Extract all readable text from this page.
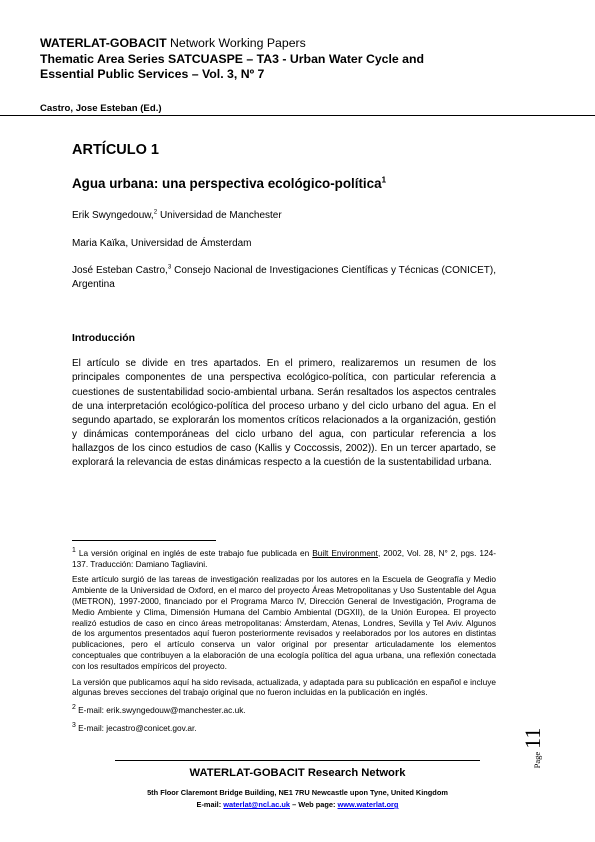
WATERLAT-GOBACIT Network Working Papers
Thematic Area Series SATCUASPE – TA3 - Urban Water Cycle and
Essential Public Services – Vol. 3, Nº 7
Castro, Jose Esteban (Ed.)
ARTÍCULO 1
Agua urbana: una perspectiva ecológico-política$^1$

Erik Swyngedouw,$^2$ Universidad de Manchester

Maria Kaïka, Universidad de Ámsterdam

José Esteban Castro,$^3$ Consejo Nacional de Investigaciones Científicas y Técnicas (CONICET), Argentina

Introducción

El artículo se divide en tres apartados. En el primero, realizaremos un resumen de los principales componentes de una perspectiva ecológico-política, con particular referencia a cuestiones de sustentabilidad socio-ambiental urbana. Serán resaltados los aspectos centrales de una interpretación ecológico-política del proceso urbano y del ciclo urbano del agua. En el segundo apartado, se explorarán los momentos críticos relacionados a la organización, gestión y dinámicas contemporáneas del ciclo urbano del agua, con particular referencia a los hallazgos de los cinco estudios de caso (Kallis y Coccossis, 2002)). En un tercer apartado, se explorará la relevancia de estas dinámicas respecto a la cuestión de la sustentabilidad urbana.

$^1$ La versión original en inglés de este trabajo fue publicada en Built Environment, 2002, Vol. 28, N° 2, pgs. 124-137. Traducción: Damiano Tagliavini.

Este artículo surgió de las tareas de investigación realizadas por los autores en la Escuela de Geografía y Medio Ambiente de la Universidad de Oxford, en el marco del proyecto Áreas Metropolitanas y Uso Sustentable del Agua (METRON), 1997-2000, financiado por el Programa Marco IV, Dirección General de Investigación, Programa de Medio Ambiente y Clima, Dimensión Humana del Cambio Ambiental (DGXII), de la Unión Europea. El proyecto realizó estudios de caso en cinco áreas metropolitanas: Ámsterdam, Atenas, Londres, Sevilla y Tel Aviv. Algunos de los argumentos presentados aquí fueron posteriormente revisados y reelaborados por los autores en distintas publicaciones, pero el artículo conserva un valor original por presentar articuladamente los elementos conceptuales que contribuyen a la elaboración de una ecología política del agua urbana, una reflexión conectada con los resultados empíricos del proyecto.

La versión que publicamos aquí ha sido revisada, actualizada, y adaptada para su publicación en español e incluye algunas breves secciones del trabajo original que no fueron incluidas en la publicación en inglés.

$^2$ E-mail: erik.swyngedouw@manchester.ac.uk.

$^3$ E-mail: jecastro@conicet.gov.ar.

Page
11

WATERLAT-GOBACIT Research Network

5th Floor Claremont Bridge Building, NE1 7RU Newcastle upon Tyne, United Kingdom

E-mail: waterlat@ncl.ac.uk – Web page: www.waterlat.org
